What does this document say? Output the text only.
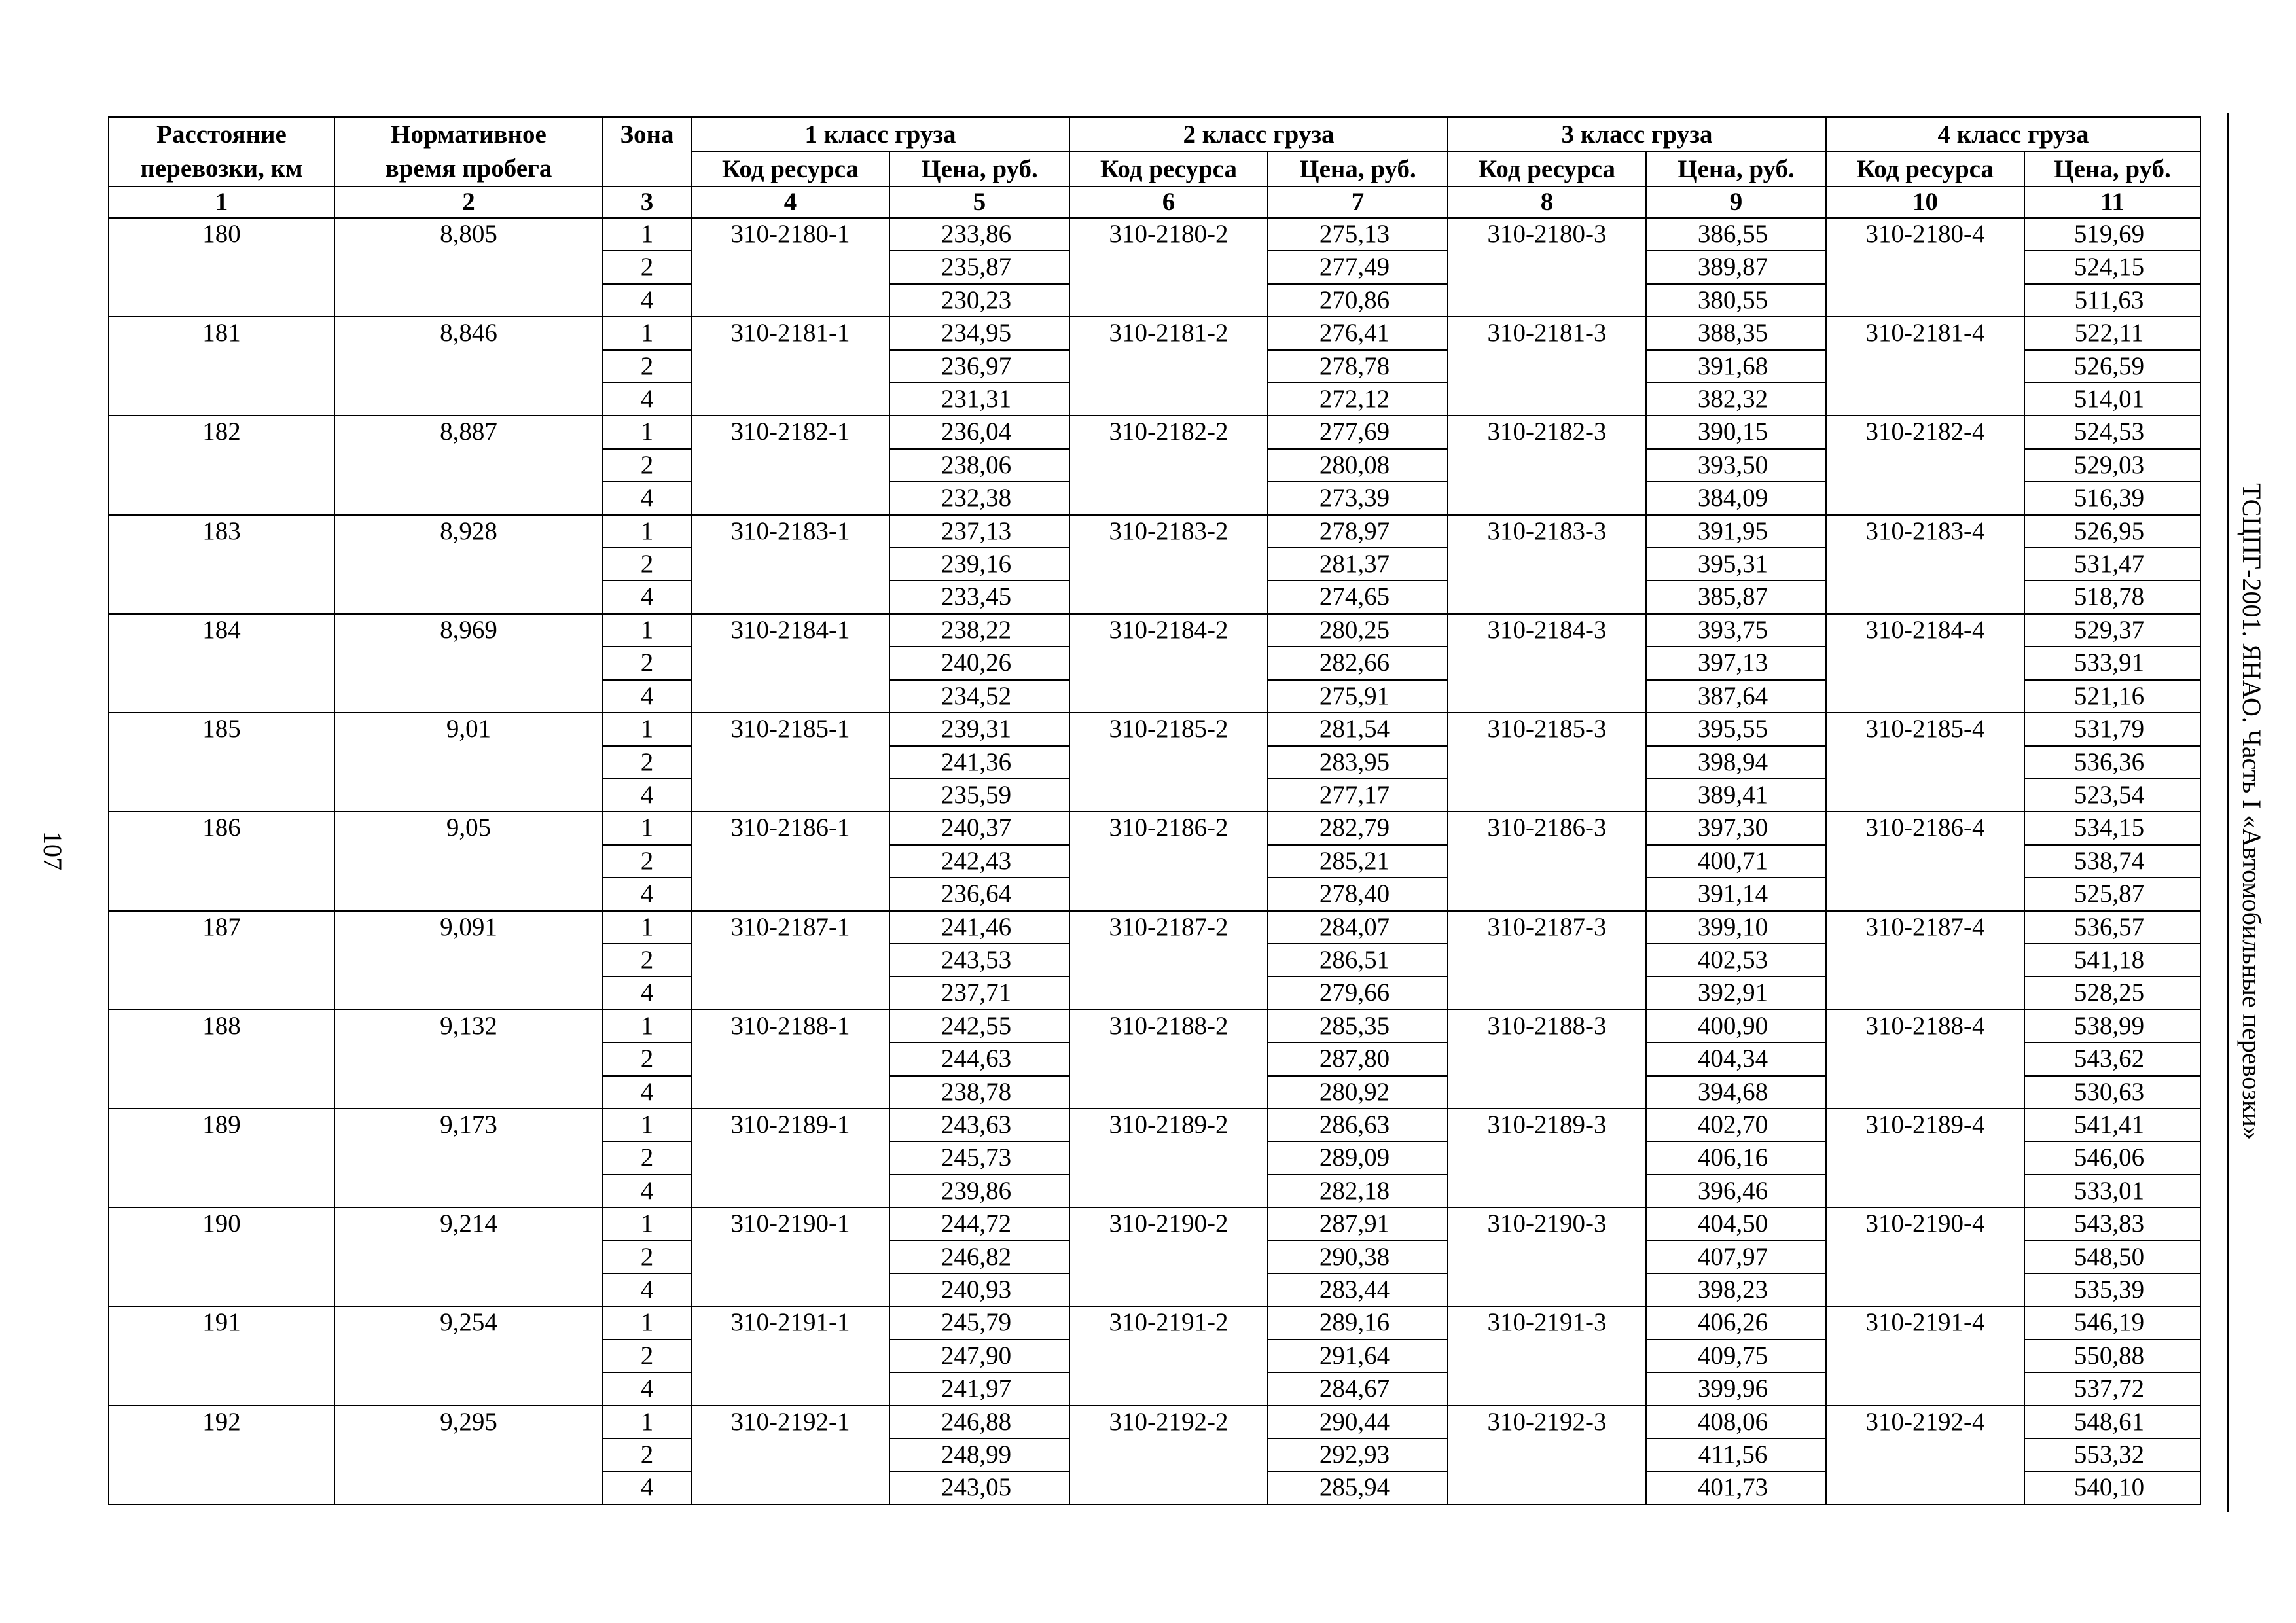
107
Расстояние перевозки, км	Нормативное время пробега	Зона	1 класс груза		2 класс груза		3 класс груза		4 класс груза	
			Код ресурса	Цена, руб.	Код ресурса	Цена, руб.	Код ресурса	Цена, руб.	Код ресурса	Цена, руб.
1	2	3	4	5	6	7	8	9	10	11
180	8,805	1	310-2180-1	233,86	310-2180-2	275,13	310-2180-3	386,55	310-2180-4	519,69
		2		235,87		277,49		389,87		524,15
		4		230,23		270,86		380,55		511,63
181	8,846	1	310-2181-1	234,95	310-2181-2	276,41	310-2181-3	388,35	310-2181-4	522,11
		2		236,97		278,78		391,68		526,59
		4		231,31		272,12		382,32		514,01
182	8,887	1	310-2182-1	236,04	310-2182-2	277,69	310-2182-3	390,15	310-2182-4	524,53
		2		238,06		280,08		393,50		529,03
		4		232,38		273,39		384,09		516,39
183	8,928	1	310-2183-1	237,13	310-2183-2	278,97	310-2183-3	391,95	310-2183-4	526,95
		2		239,16		281,37		395,31		531,47
		4		233,45		274,65		385,87		518,78
184	8,969	1	310-2184-1	238,22	310-2184-2	280,25	310-2184-3	393,75	310-2184-4	529,37
		2		240,26		282,66		397,13		533,91
		4		234,52		275,91		387,64		521,16
185	9,01	1	310-2185-1	239,31	310-2185-2	281,54	310-2185-3	395,55	310-2185-4	531,79
		2		241,36		283,95		398,94		536,36
		4		235,59		277,17		389,41		523,54
186	9,05	1	310-2186-1	240,37	310-2186-2	282,79	310-2186-3	397,30	310-2186-4	534,15
		2		242,43		285,21		400,71		538,74
		4		236,64		278,40		391,14		525,87
187	9,091	1	310-2187-1	241,46	310-2187-2	284,07	310-2187-3	399,10	310-2187-4	536,57
		2		243,53		286,51		402,53		541,18
		4		237,71		279,66		392,91		528,25
188	9,132	1	310-2188-1	242,55	310-2188-2	285,35	310-2188-3	400,90	310-2188-4	538,99
		2		244,63		287,80		404,34		543,62
		4		238,78		280,92		394,68		530,63
189	9,173	1	310-2189-1	243,63	310-2189-2	286,63	310-2189-3	402,70	310-2189-4	541,41
		2		245,73		289,09		406,16		546,06
		4		239,86		282,18		396,46		533,01
190	9,214	1	310-2190-1	244,72	310-2190-2	287,91	310-2190-3	404,50	310-2190-4	543,83
		2		246,82		290,38		407,97		548,50
		4		240,93		283,44		398,23		535,39
191	9,254	1	310-2191-1	245,79	310-2191-2	289,16	310-2191-3	406,26	310-2191-4	546,19
		2		247,90		291,64		409,75		550,88
		4		241,97		284,67		399,96		537,72
192	9,295	1	310-2192-1	246,88	310-2192-2	290,44	310-2192-3	408,06	310-2192-4	548,61
		2		248,99		292,93		411,56		553,32
		4		243,05		285,94		401,73		540,10
ТСЦПГ-2001. ЯНАО. Часть I «Автомобильные перевозки»
